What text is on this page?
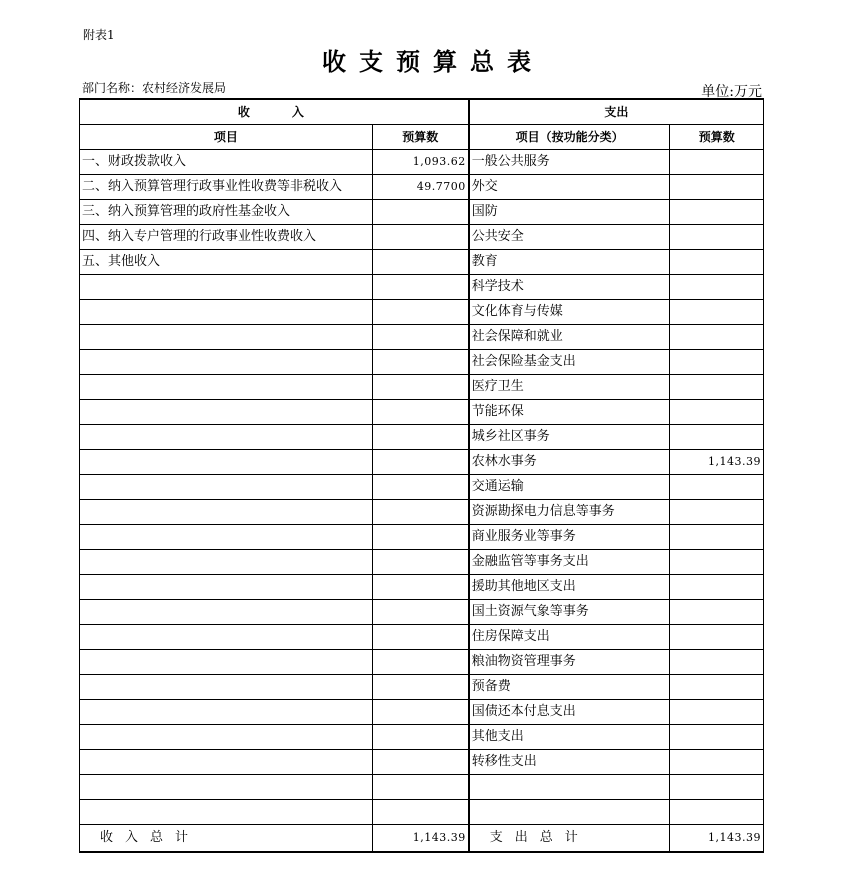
附表1
收支预算总表
部门名称：农村经济发展局	单位:万元
收　　入		支出	
项目	预算数	项目（按功能分类）	预算数
一、财政拨款收入	1,093.62	一般公共服务	
二、纳入预算管理行政事业性收费等非税收入	49.7700	外交	
三、纳入预算管理的政府性基金收入		国防	
四、纳入专户管理的行政事业性收费收入		公共安全	
五、其他收入		教育	
		科学技术	
		文化体育与传媒	
		社会保障和就业	
		社会保险基金支出	
		医疗卫生	
		节能环保	
		城乡社区事务	
		农林水事务	1,143.39
		交通运输	
		资源勘探电力信息等事务	
		商业服务业等事务	
		金融监管等事务支出	
		援助其他地区支出	
		国土资源气象等事务	
		住房保障支出	
		粮油物资管理事务	
		预备费	
		国债还本付息支出	
		其他支出	
		转移性支出	

收入总计	1,143.39	支出总计	1,143.39
